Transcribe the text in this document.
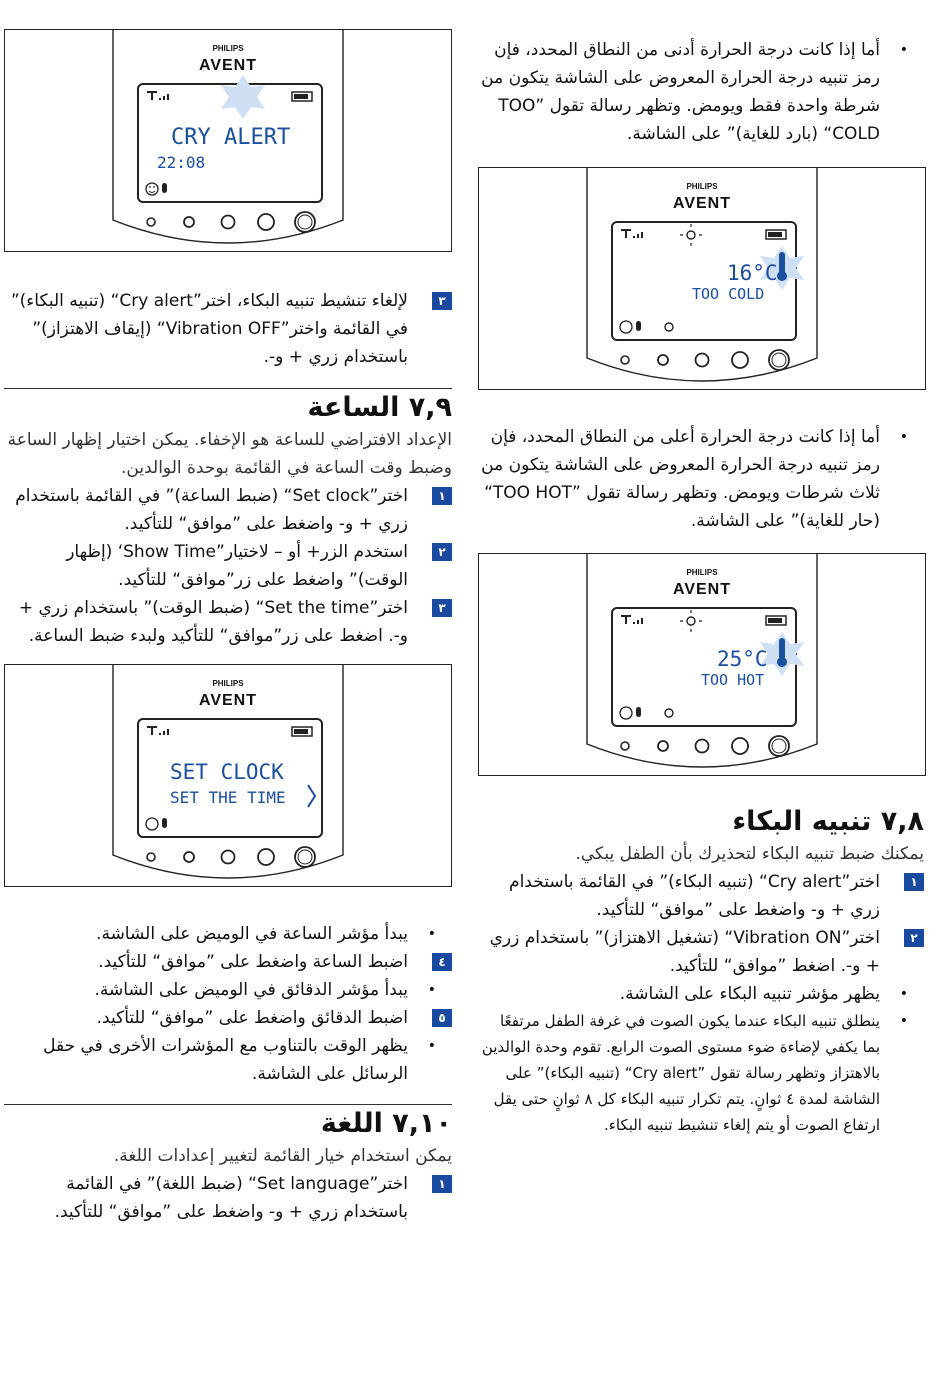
PHILIPS
AVENT
CRY ALERT
22:08

٣
لإلغاء تنشيط تنبيه البكاء، اختر”Cry alert“ (تنبيه البكاء)” في القائمة واختر”Vibration OFF“ (إيقاف الاهتزاز)” باستخدام زري + و-.

٧,٩ الساعة

الإعداد الافتراضي للساعة هو الإخفاء. يمكن اختيار إظهار الساعة وضبط وقت الساعة في القائمة بوحدة الوالدين.

١
اختر”Set clock“ (ضبط الساعة)” في القائمة باستخدام زري + و- واضغط على ”موافق“ للتأكيد.

٢
استخدم الزر+ أو – لاختيار”Show Time‘ (إظهار الوقت)” واضغط على زر”موافق“ للتأكيد.

٣
اختر”Set the time“ (ضبط الوقت)” باستخدام زري + و-. اضغط على زر”موافق“ للتأكيد ولبدء ضبط الساعة.

PHILIPS
AVENT
SET CLOCK
SET THE TIME

• يبدأ مؤشر الساعة في الوميض على الشاشة.

٤
اضبط الساعة واضغط على ”موافق“ للتأكيد.

• يبدأ مؤشر الدقائق في الوميض على الشاشة.

٥
اضبط الدقائق واضغط على ”موافق“ للتأكيد.

• يظهر الوقت بالتناوب مع المؤشرات الأخرى في حقل الرسائل على الشاشة.

٧,١٠ اللغة

يمكن استخدام خيار القائمة لتغيير إعدادات اللغة.

١
اختر”Set language“ (ضبط اللغة)” في القائمة باستخدام زري + و- واضغط على ”موافق“ للتأكيد.

• أما إذا كانت درجة الحرارة أدنى من النطاق المحدد، فإن رمز تنبيه درجة الحرارة المعروض على الشاشة يتكون من شرطة واحدة فقط ويومض. وتظهر رسالة تقول ”TOO COLD“ (بارد للغاية)” على الشاشة.

PHILIPS
AVENT
16°C
TOO COLD

• أما إذا كانت درجة الحرارة أعلى من النطاق المحدد، فإن رمز تنبيه درجة الحرارة المعروض على الشاشة يتكون من ثلاث شرطات ويومض. وتظهر رسالة تقول ”TOO HOT“ (حار للغاية)” على الشاشة.

PHILIPS
AVENT
25°C
TOO HOT
٧,٨ تنبيه البكاء

يمكنك ضبط تنبيه البكاء لتحذيرك بأن الطفل يبكي.

١
اختر”Cry alert“ (تنبيه البكاء)” في القائمة باستخدام زري + و- واضغط على ”موافق“ للتأكيد.

٢
اختر”Vibration ON“ (تشغيل الاهتزاز)” باستخدام زري + و-. اضغط ”موافق“ للتأكيد.

• يظهر مؤشر تنبيه البكاء على الشاشة.

• ينطلق تنبيه البكاء عندما يكون الصوت في غرفة الطفل مرتفعًا بما يكفي لإضاءة ضوء مستوى الصوت الرابع. تقوم وحدة الوالدين بالاهتزاز وتظهر رسالة تقول ”Cry alert“ (تنبيه البكاء)” على الشاشة لمدة ٤ ثوانٍ. يتم تكرار تنبيه البكاء كل ٨ ثوانٍ حتى يقل ارتفاع الصوت أو يتم إلغاء تنشيط تنبيه البكاء.
